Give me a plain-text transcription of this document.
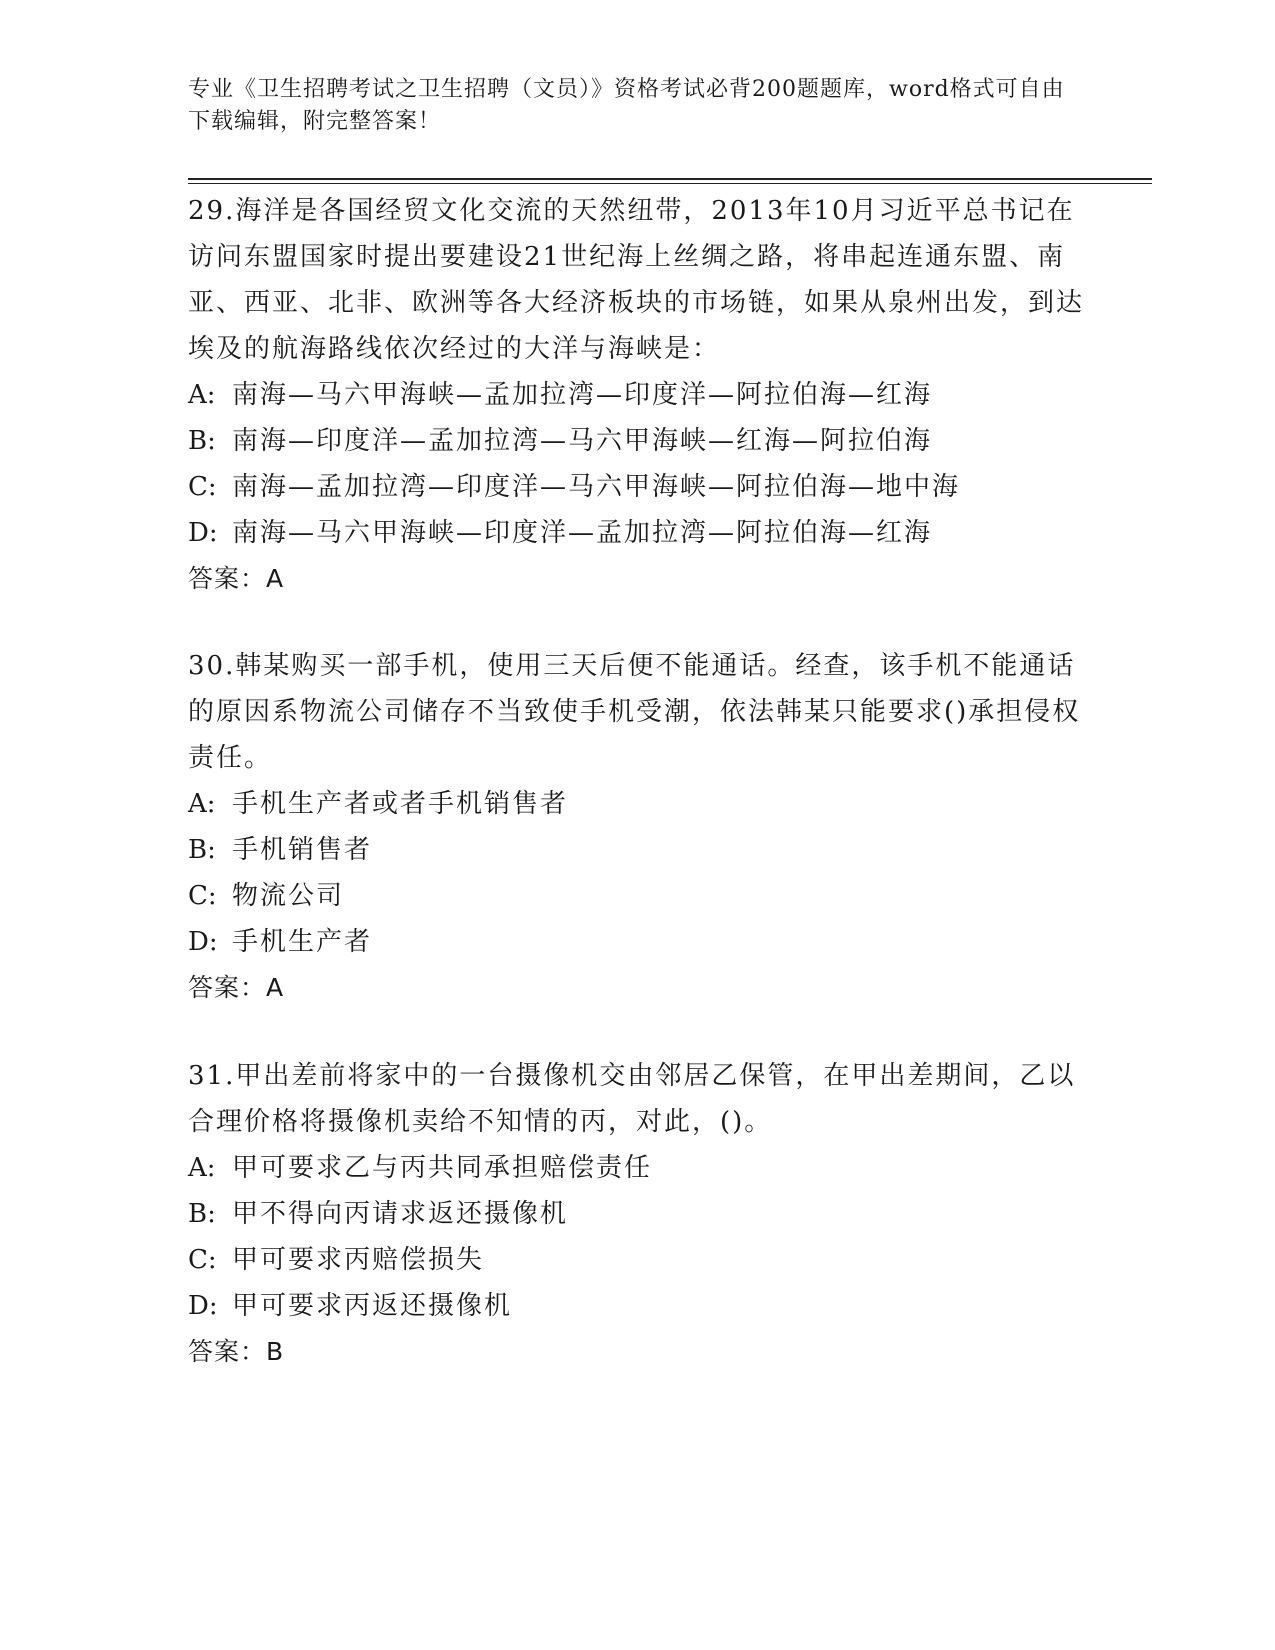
专业《卫生招聘考试之卫生招聘（文员）》资格考试必背200题题库，word格式可自由下载编辑，附完整答案！

29.海洋是各国经贸文化交流的天然纽带，2013年10月习近平总书记在访问东盟国家时提出要建设21世纪海上丝绸之路，将串起连通东盟、南亚、西亚、北非、欧洲等各大经济板块的市场链，如果从泉州出发，到达埃及的航海路线依次经过的大洋与海峡是：

A: 南海—马六甲海峡—孟加拉湾—印度洋—阿拉伯海—红海

B: 南海—印度洋—孟加拉湾—马六甲海峡—红海—阿拉伯海

C: 南海—孟加拉湾—印度洋—马六甲海峡—阿拉伯海—地中海

D: 南海—马六甲海峡—印度洋—孟加拉湾—阿拉伯海—红海

答案：A

30.韩某购买一部手机，使用三天后便不能通话。经查，该手机不能通话的原因系物流公司储存不当致使手机受潮，依法韩某只能要求()承担侵权责任。

A: 手机生产者或者手机销售者

B: 手机销售者

C: 物流公司

D: 手机生产者

答案：A

31.甲出差前将家中的一台摄像机交由邻居乙保管，在甲出差期间，乙以合理价格将摄像机卖给不知情的丙，对此，()。

A: 甲可要求乙与丙共同承担赔偿责任

B: 甲不得向丙请求返还摄像机

C: 甲可要求丙赔偿损失

D: 甲可要求丙返还摄像机

答案：B
